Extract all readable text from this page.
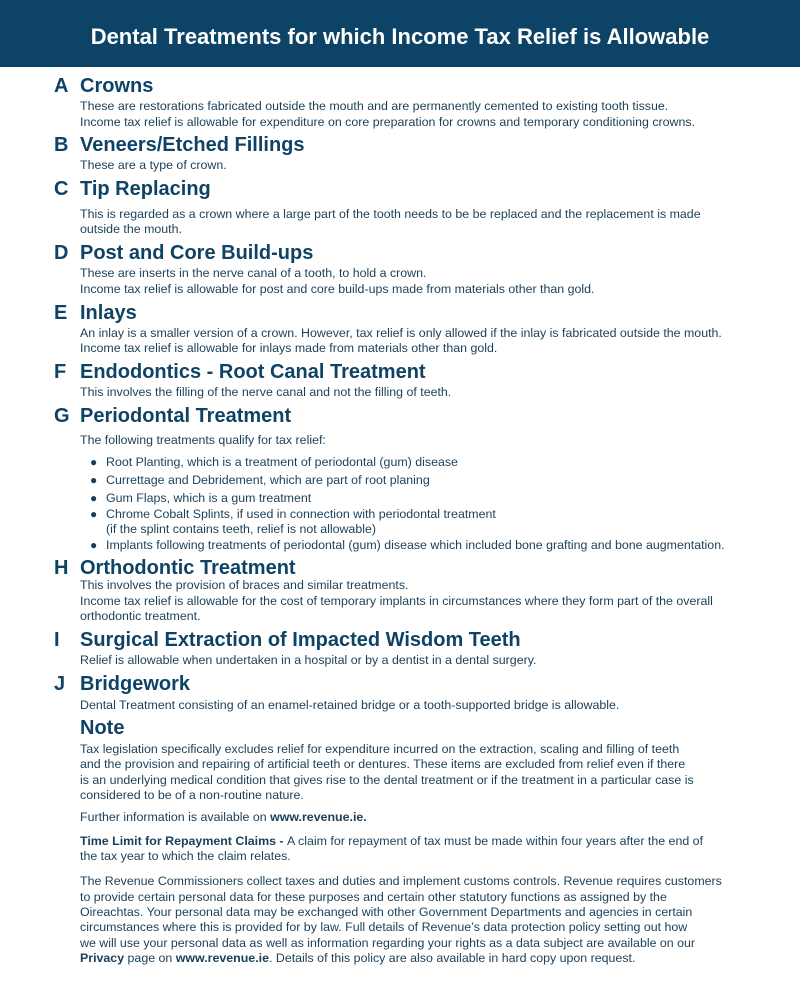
Dental Treatments for which Income Tax Relief is Allowable
A Crowns
These are restorations fabricated outside the mouth and are permanently cemented to existing tooth tissue.
Income tax relief is allowable for expenditure on core preparation for crowns and temporary conditioning crowns.
B Veneers/Etched Fillings
These are a type of crown.
C Tip Replacing
This is regarded as a crown where a large part of the tooth needs to be be replaced and the replacement is made
outside the mouth.
D Post and Core Build-ups
These are inserts in the nerve canal of a tooth, to hold a crown.
Income tax relief is allowable for post and core build-ups made from materials other than gold.
E Inlays
An inlay is a smaller version of a crown. However, tax relief is only allowed if the inlay is fabricated outside the mouth.
Income tax relief is allowable for inlays made from materials other than gold.
F Endodontics - Root Canal Treatment
This involves the filling of the nerve canal and not the filling of teeth.
G Periodontal Treatment
The following treatments qualify for tax relief:
● Root Planting, which is a treatment of periodontal (gum) disease
● Currettage and Debridement, which are part of root planing
● Gum Flaps, which is a gum treatment
● Chrome Cobalt Splints, if used in connection with periodontal treatment
(if the splint contains teeth, relief is not allowable)
● Implants following treatments of periodontal (gum) disease which included bone grafting and bone augmentation.
H Orthodontic Treatment
This involves the provision of braces and similar treatments.
Income tax relief is allowable for the cost of temporary implants in circumstances where they form part of the overall
orthodontic treatment.
I Surgical Extraction of Impacted Wisdom Teeth
Relief is allowable when undertaken in a hospital or by a dentist in a dental surgery.
J Bridgework
Dental Treatment consisting of an enamel-retained bridge or a tooth-supported bridge is allowable.
Note
Tax legislation specifically excludes relief for expenditure incurred on the extraction, scaling and filling of teeth
and the provision and repairing of artificial teeth or dentures. These items are excluded from relief even if there
is an underlying medical condition that gives rise to the dental treatment or if the treatment in a particular case is
considered to be of a non-routine nature.
Further information is available on www.revenue.ie.
Time Limit for Repayment Claims - A claim for repayment of tax must be made within four years after the end of
the tax year to which the claim relates.
The Revenue Commissioners collect taxes and duties and implement customs controls. Revenue requires customers
to provide certain personal data for these purposes and certain other statutory functions as assigned by the
Oireachtas. Your personal data may be exchanged with other Government Departments and agencies in certain
circumstances where this is provided for by law. Full details of Revenue’s data protection policy setting out how
we will use your personal data as well as information regarding your rights as a data subject are available on our
Privacy page on www.revenue.ie. Details of this policy are also available in hard copy upon request.
